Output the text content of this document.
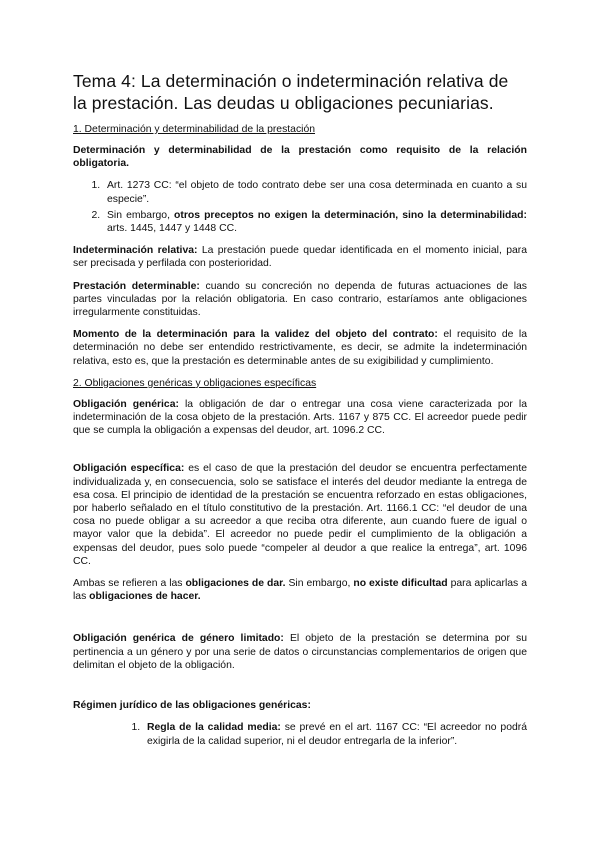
Tema 4: La determinación o indeterminación relativa de la prestación. Las deudas u obligaciones pecuniarias.
1. Determinación y determinabilidad de la prestación

Determinación y determinabilidad de la prestación como requisito de la relación obligatoria.

1. Art. 1273 CC: “el objeto de todo contrato debe ser una cosa determinada en cuanto a su especie”.
2. Sin embargo, otros preceptos no exigen la determinación, sino la determinabilidad: arts. 1445, 1447 y 1448 CC.

Indeterminación relativa: La prestación puede quedar identificada en el momento inicial, para ser precisada y perfilada con posterioridad.

Prestación determinable: cuando su concreción no dependa de futuras actuaciones de las partes vinculadas por la relación obligatoria. En caso contrario, estaríamos ante obligaciones irregularmente constituidas.

Momento de la determinación para la validez del objeto del contrato: el requisito de la determinación no debe ser entendido restrictivamente, es decir, se admite la indeterminación relativa, esto es, que la prestación es determinable antes de su exigibilidad y cumplimiento.

2. Obligaciones genéricas y obligaciones específicas

Obligación genérica: la obligación de dar o entregar una cosa viene caracterizada por la indeterminación de la cosa objeto de la prestación. Arts. 1167 y 875 CC. El acreedor puede pedir que se cumpla la obligación a expensas del deudor, art. 1096.2 CC.

Obligación específica: es el caso de que la prestación del deudor se encuentra perfectamente individualizada y, en consecuencia, solo se satisface el interés del deudor mediante la entrega de esa cosa. El principio de identidad de la prestación se encuentra reforzado en estas obligaciones, por haberlo señalado en el título constitutivo de la prestación. Art. 1166.1 CC: “el deudor de una cosa no puede obligar a su acreedor a que reciba otra diferente, aun cuando fuere de igual o mayor valor que la debida”. El acreedor no puede pedir el cumplimiento de la obligación a expensas del deudor, pues solo puede “compeler al deudor a que realice la entrega”, art. 1096 CC.

Ambas se refieren a las obligaciones de dar. Sin embargo, no existe dificultad para aplicarlas a las obligaciones de hacer.

Obligación genérica de género limitado: El objeto de la prestación se determina por su pertinencia a un género y por una serie de datos o circunstancias complementarios de origen que delimitan el objeto de la obligación.

Régimen jurídico de las obligaciones genéricas:

1. Regla de la calidad media: se prevé en el art. 1167 CC: “El acreedor no podrá exigirla de la calidad superior, ni el deudor entregarla de la inferior”.
